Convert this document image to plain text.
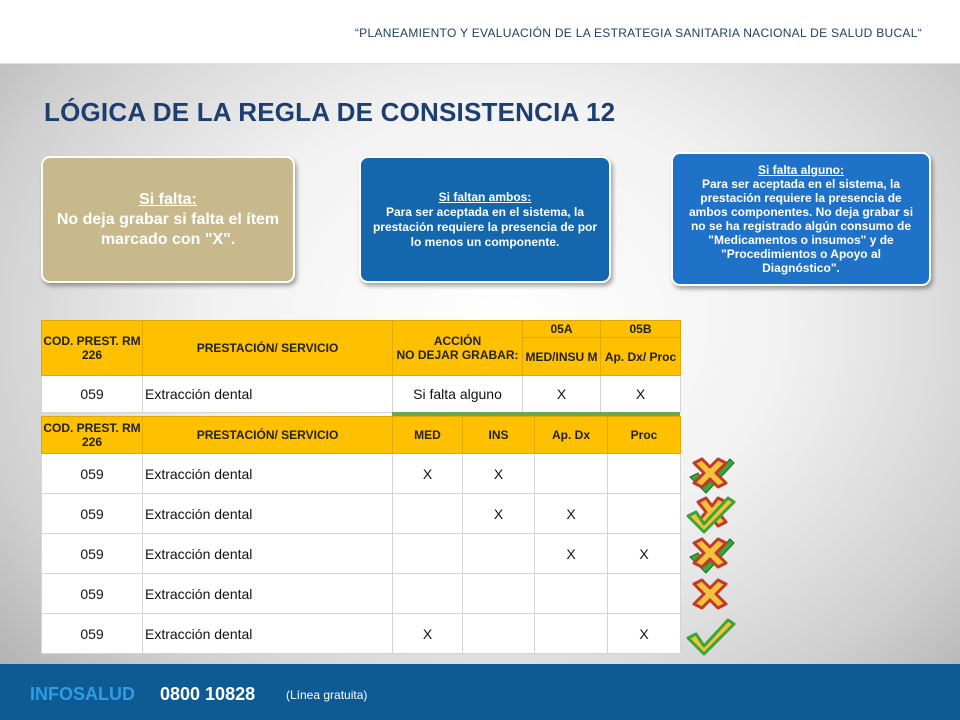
“PLANEAMIENTO Y EVALUACIÓN DE LA ESTRATEGIA SANITARIA NACIONAL DE SALUD BUCAL“
LÓGICA DE LA REGLA DE CONSISTENCIA 12
Si falta:
No deja grabar si falta el ítem marcado con "X".
Si faltan ambos:
Para ser aceptada en el sistema, la prestación requiere la presencia de por lo menos un componente.
Si falta alguno:
Para ser aceptada en el sistema, la prestación requiere la presencia de ambos componentes. No deja grabar si no se ha registrado algún consumo de "Medicamentos o insumos" y de "Procedimientos o Apoyo al Diagnóstico".
COD. PREST. RM 226	PRESTACIÓN/ SERVICIO	ACCIÓN
NO DEJAR GRABAR:	05A	05B
			MED/INSU M	Ap. Dx/ Proc
059	Extracción dental	Si falta alguno	X	X
COD. PREST. RM 226	PRESTACIÓN/ SERVICIO	MED	INS	Ap. Dx	Proc
059	Extracción dental	X	X		
059	Extracción dental		X	X	
059	Extracción dental			X	X
059	Extracción dental				
059	Extracción dental	X			X
INFOSALUD 0800 10828	(Línea gratuita)
